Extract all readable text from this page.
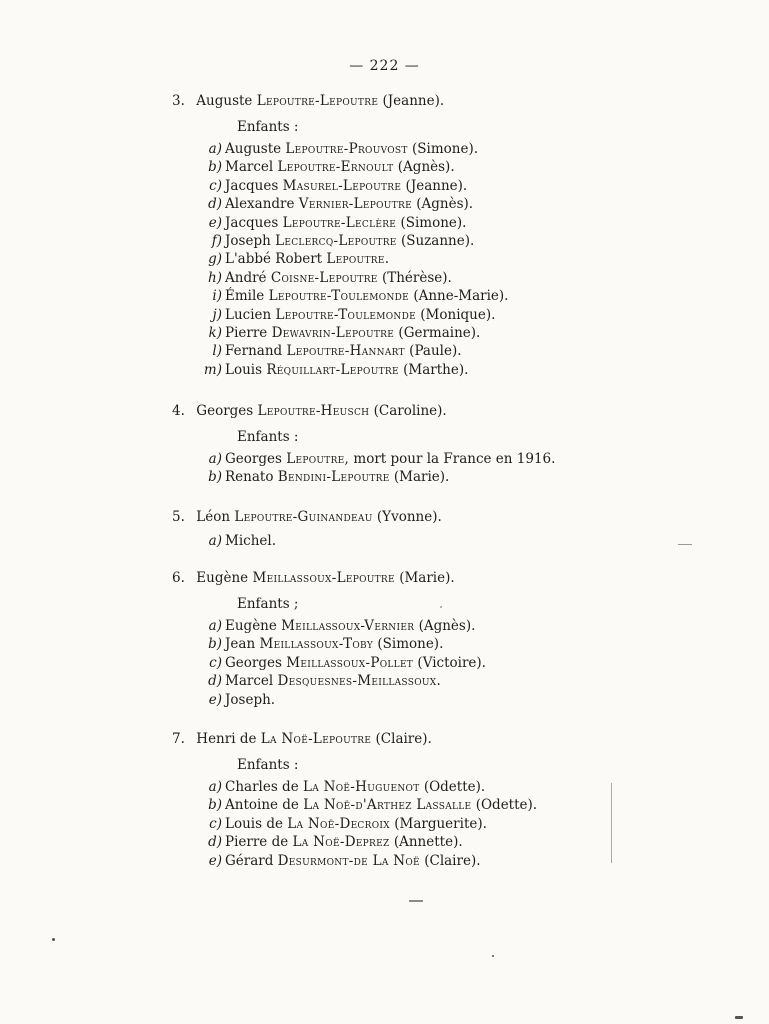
— 222 —
3. Auguste Lepoutre-Lepoutre (Jeanne).
Enfants :
a) Auguste Lepoutre-Prouvost (Simone).
b) Marcel Lepoutre-Ernoult (Agnès).
c) Jacques Masurel-Lepoutre (Jeanne).
d) Alexandre Vernier-Lepoutre (Agnès).
e) Jacques Lepoutre-Leclère (Simone).
f) Joseph Leclercq-Lepoutre (Suzanne).
g) L'abbé Robert Lepoutre.
h) André Coisne-Lepoutre (Thérèse).
i) Émile Lepoutre-Toulemonde (Anne-Marie).
j) Lucien Lepoutre-Toulemonde (Monique).
k) Pierre Dewavrin-Lepoutre (Germaine).
l) Fernand Lepoutre-Hannart (Paule).
m) Louis Réquillart-Lepoutre (Marthe).
4. Georges Lepoutre-Heusch (Caroline).
Enfants :
a) Georges Lepoutre, mort pour la France en 1916.
b) Renato Bendini-Lepoutre (Marie).
5. Léon Lepoutre-Guinandeau (Yvonne).
a) Michel.
6. Eugène Meillassoux-Lepoutre (Marie).
Enfants ;
a) Eugène Meillassoux-Vernier (Agnès).
b) Jean Meillassoux-Toby (Simone).
c) Georges Meillassoux-Pollet (Victoire).
d) Marcel Desquesnes-Meillassoux.
e) Joseph.
7. Henri de La Noë-Lepoutre (Claire).
Enfants :
a) Charles de La Noë-Huguenot (Odette).
b) Antoine de La Noë-d'Arthez Lassalle (Odette).
c) Louis de La Noë-Decroix (Marguerite).
d) Pierre de La Noë-Deprez (Annette).
e) Gérard Desurmont-de La Noë (Claire).
